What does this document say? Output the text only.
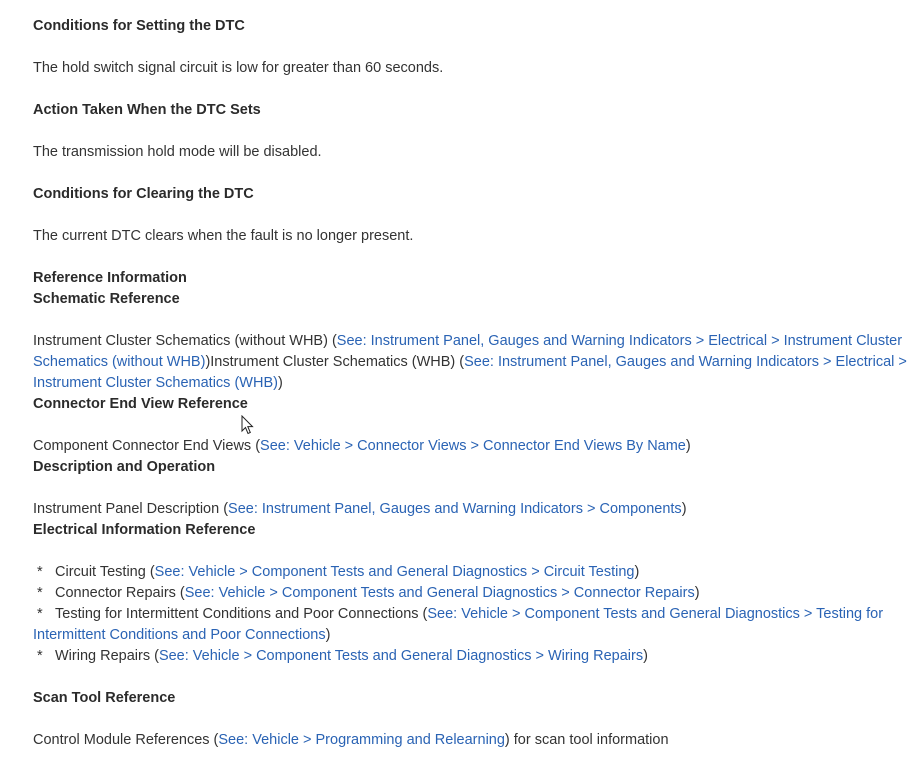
Conditions for Setting the DTC
The hold switch signal circuit is low for greater than 60 seconds.
Action Taken When the DTC Sets
The transmission hold mode will be disabled.
Conditions for Clearing the DTC
The current DTC clears when the fault is no longer present.
Reference Information
Schematic Reference
Instrument Cluster Schematics (without WHB) (See: Instrument Panel, Gauges and Warning Indicators > Electrical > Instrument Cluster Schematics (without WHB))Instrument Cluster Schematics (WHB) (See: Instrument Panel, Gauges and Warning Indicators > Electrical > Instrument Cluster Schematics (WHB))
Connector End View Reference
Component Connector End Views (See: Vehicle > Connector Views > Connector End Views By Name)
Description and Operation
Instrument Panel Description (See: Instrument Panel, Gauges and Warning Indicators > Components)
Electrical Information Reference
* Circuit Testing (See: Vehicle > Component Tests and General Diagnostics > Circuit Testing)
* Connector Repairs (See: Vehicle > Component Tests and General Diagnostics > Connector Repairs)
* Testing for Intermittent Conditions and Poor Connections (See: Vehicle > Component Tests and General Diagnostics > Testing for Intermittent Conditions and Poor Connections)
* Wiring Repairs (See: Vehicle > Component Tests and General Diagnostics > Wiring Repairs)
Scan Tool Reference
Control Module References (See: Vehicle > Programming and Relearning) for scan tool information
